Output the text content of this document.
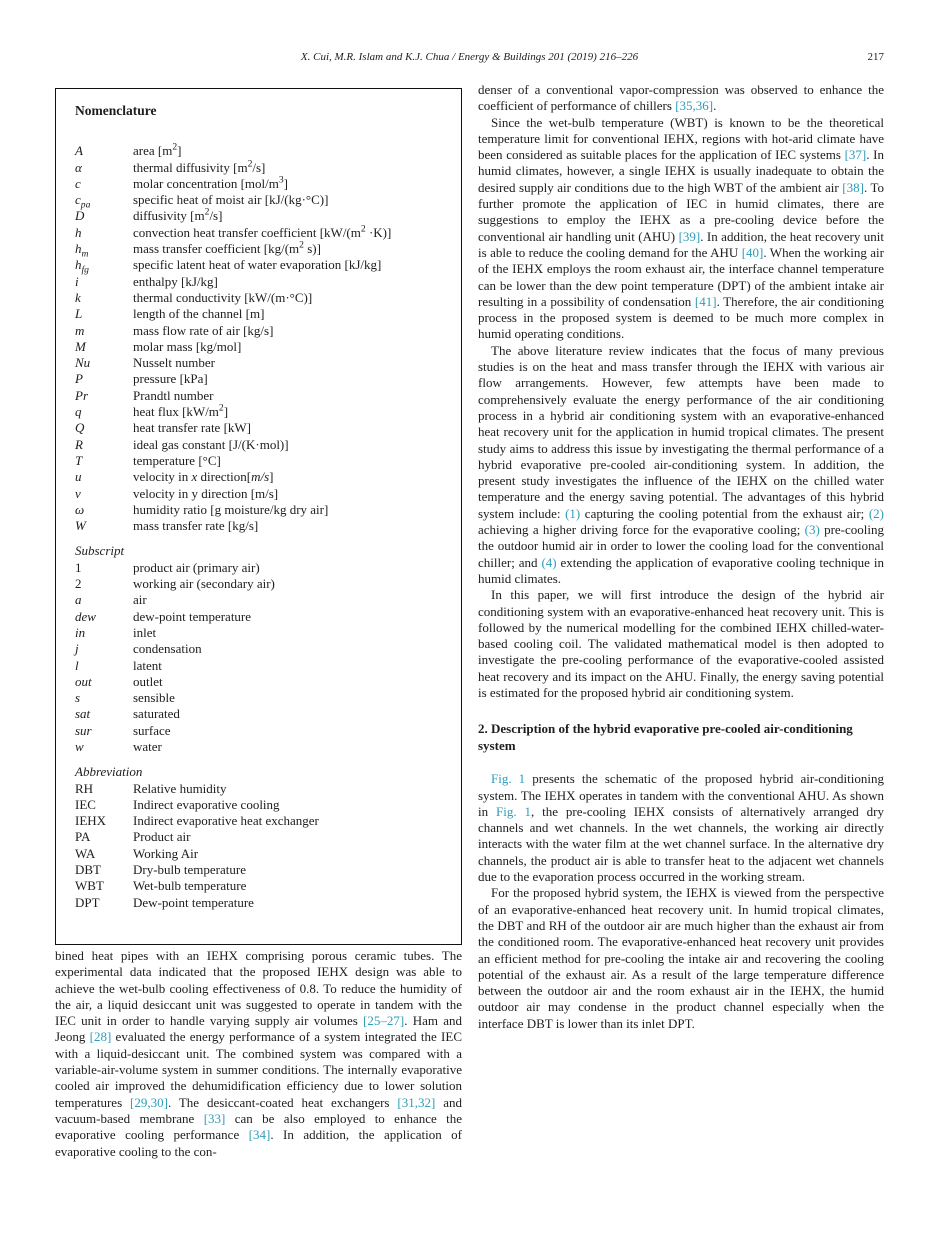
X. Cui, M.R. Islam and K.J. Chua / Energy & Buildings 201 (2019) 216–226	217
Nomenclature
A	area $[m^2]$
α	thermal diffusivity $[m^2/s]$
c	molar concentration $[mol/m^3]$
$c_{pa}$	specific heat of moist air [kJ/(kg·°C)]
D	diffusivity $[m^2/s]$
h	convection heat transfer coefficient $[kW/(m^2 \cdot K)]$
$h_m$	mass transfer coefficient [$kg/(m^2$ s)]
$h_{fg}$	specific latent heat of water evaporation [kJ/kg]
i	enthalpy [kJ/kg]
k	thermal conductivity [kW/(m·°C)]
L	length of the channel [m]
m	mass flow rate of air [kg/s]
M	molar mass [kg/mol]
Nu	Nusselt number
P	pressure [kPa]
Pr	Prandtl number
q	heat flux $[kW/m^2]$
Q	heat transfer rate [kW]
R	ideal gas constant [J/(K·mol)]
T	temperature [°C]
u	velocity in x direction[m/s]
v	velocity in y direction [m/s]
ω	humidity ratio [g moisture/kg dry air]
W	mass transfer rate [kg/s]
Subscript
1	product air (primary air)
2	working air (secondary air)
a	air
dew	dew-point temperature
in	inlet
j	condensation
l	latent
out	outlet
s	sensible
sat	saturated
sur	surface
w	water
Abbreviation
RH	Relative humidity
IEC	Indirect evaporative cooling
IEHX	Indirect evaporative heat exchanger
PA	Product air
WA	Working Air
DBT	Dry-bulb temperature
WBT	Wet-bulb temperature
DPT	Dew-point temperature

bined heat pipes with an IEHX comprising porous ceramic tubes. The experimental data indicated that the proposed IEHX design was able to achieve the wet-bulb cooling effectiveness of 0.8. To reduce the humidity of the air, a liquid desiccant unit was suggested to operate in tandem with the IEC unit in order to handle varying supply air volumes [25–27]. Ham and Jeong [28] evaluated the energy performance of a system integrated the IEC with a liquid-desiccant unit. The combined system was compared with a variable-air-volume system in summer conditions. The internally evaporative cooled air improved the dehumidification efficiency due to lower solution temperatures [29,30]. The desiccant-coated heat exchangers [31,32] and vacuum-based membrane [33] can be also employed to enhance the evaporative cooling performance [34]. In addition, the application of evaporative cooling to the con-

denser of a conventional vapor-compression was observed to enhance the coefficient of performance of chillers [35,36].

Since the wet-bulb temperature (WBT) is known to be the theoretical temperature limit for conventional IEHX, regions with hot-arid climate have been considered as suitable places for the application of IEC systems [37]. In humid climates, however, a single IEHX is usually inadequate to obtain the desired supply air conditions due to the high WBT of the ambient air [38]. To further promote the application of IEC in humid climates, there are suggestions to employ the IEHX as a pre-cooling device before the conventional air handling unit (AHU) [39]. In addition, the heat recovery unit is able to reduce the cooling demand for the AHU [40]. When the working air of the IEHX employs the room exhaust air, the interface channel temperature can be lower than the dew point temperature (DPT) of the ambient intake air resulting in a possibility of condensation [41]. Therefore, the air conditioning process in the proposed system is deemed to be much more complex in humid operating conditions.

The above literature review indicates that the focus of many previous studies is on the heat and mass transfer through the IEHX with various air flow arrangements. However, few attempts have been made to comprehensively evaluate the energy performance of the air conditioning process in a hybrid air conditioning system with an evaporative-enhanced heat recovery unit for the application in humid tropical climates. The present study aims to address this issue by investigating the thermal performance of a hybrid evaporative pre-cooled air-conditioning system. In addition, the present study investigates the influence of the IEHX on the chilled water temperature and the energy saving potential. The advantages of this hybrid system include: (1) capturing the cooling potential from the exhaust air; (2) achieving a higher driving force for the evaporative cooling; (3) pre-cooling the outdoor humid air in order to lower the cooling load for the conventional chiller; and (4) extending the application of evaporative cooling technique in humid climates.

In this paper, we will first introduce the design of the hybrid air conditioning system with an evaporative-enhanced heat recovery unit. This is followed by the numerical modelling for the combined IEHX chilled-water-based cooling coil. The validated mathematical model is then adopted to investigate the pre-cooling performance of the evaporative-cooled assisted heat recovery and its impact on the AHU. Finally, the energy saving potential is estimated for the proposed hybrid air conditioning system.

2. Description of the hybrid evaporative pre-cooled air-conditioning system

Fig. 1 presents the schematic of the proposed hybrid air-conditioning system. The IEHX operates in tandem with the conventional AHU. As shown in Fig. 1, the pre-cooling IEHX consists of alternatively arranged dry channels and wet channels. In the wet channels, the working air directly interacts with the water film at the wet channel surface. In the alternative dry channels, the product air is able to transfer heat to the adjacent wet channels due to the evaporation process occurred in the working stream.

For the proposed hybrid system, the IEHX is viewed from the perspective of an evaporative-enhanced heat recovery unit. In humid tropical climates, the DBT and RH of the outdoor air are much higher than the exhaust air from the conditioned room. The evaporative-enhanced heat recovery unit provides an efficient method for pre-cooling the intake air and recovering the cooling potential of the exhaust air. As a result of the large temperature difference between the outdoor air and the room exhaust air in the IEHX, the humid outdoor air may condense in the product channel especially when the interface DBT is lower than its inlet DPT.
